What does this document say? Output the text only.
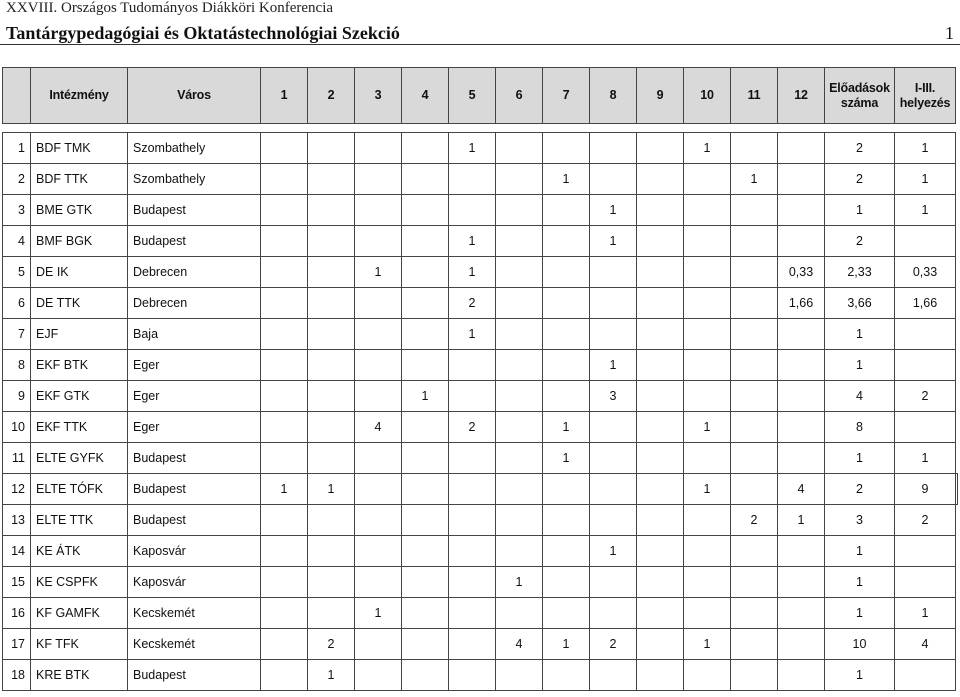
XXVIII. Országos Tudományos Diákköri Konferencia
Tantárgypedagógiai és Oktatástechnológiai Szekció	1
	Intézmény	Város	1	2	3	4	5	6	7	8	9	10	11	12	Előadások száma	I-III. helyezés	

1	BDF TMK	Szombathely					1					1			2	1	
2	BDF TTK	Szombathely							1				1		2	1	
3	BME GTK	Budapest								1					1	1	
4	BMF BGK	Budapest					1			1					2		
5	DE IK	Debrecen			1		1							0,33	2,33	0,33	
6	DE TTK	Debrecen					2							1,66	3,66	1,66	
7	EJF	Baja					1								1		
8	EKF BTK	Eger								1					1		
9	EKF GTK	Eger				1				3					4	2	
10	EKF TTK	Eger			4		2		1			1			8		
11	ELTE GYFK	Budapest							1						1	1	
12	ELTE TÓFK	Budapest	1	1								1		4	2	9	
13	ELTE TTK	Budapest											2	1	3	2	
14	KE ÁTK	Kaposvár								1					1		
15	KE CSPFK	Kaposvár						1							1		
16	KF GAMFK	Kecskemét			1										1	1	
17	KF TFK	Kecskemét		2				4	1	2		1			10	4	
18	KRE BTK	Budapest		1											1		
